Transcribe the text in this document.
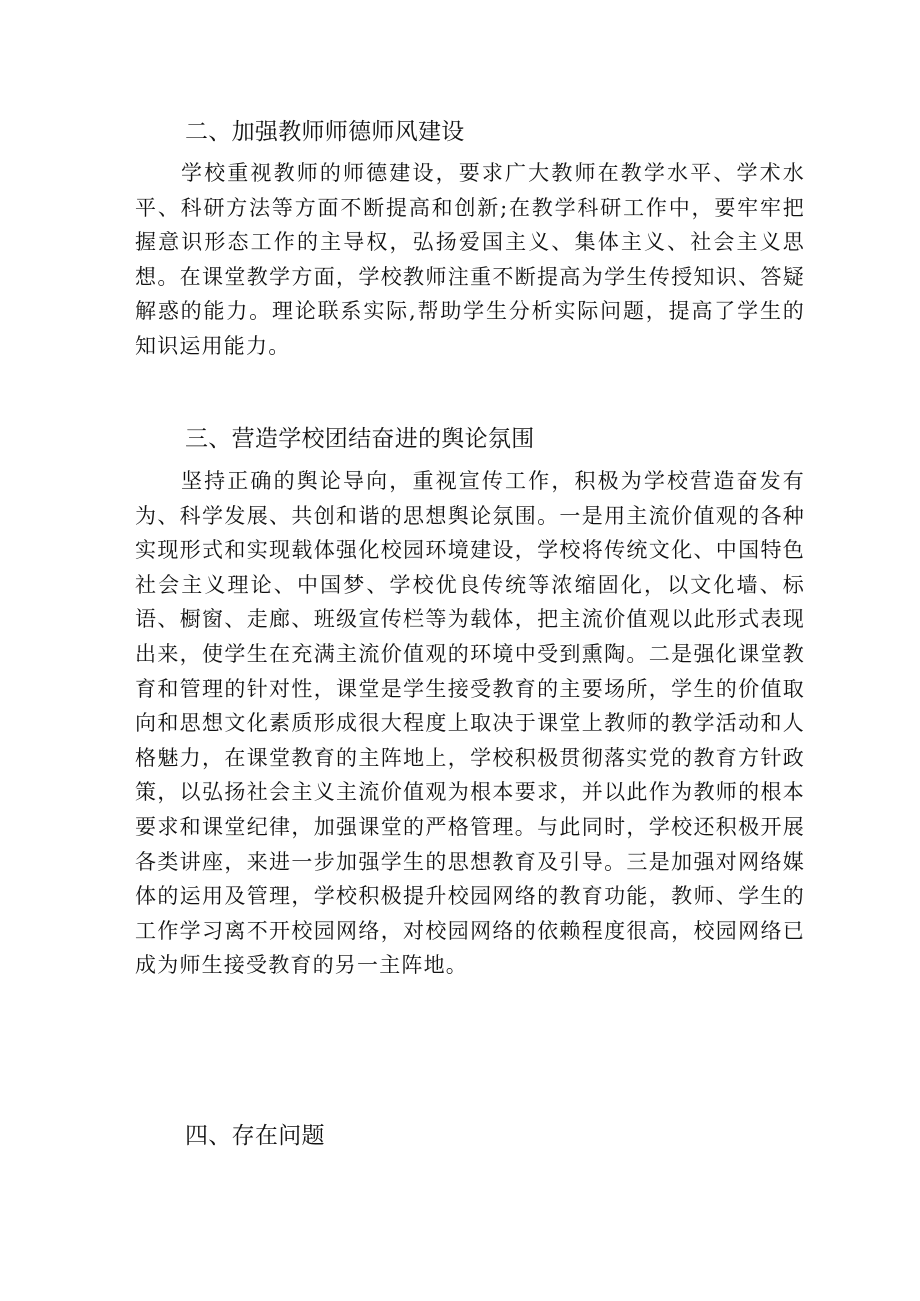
二、加强教师师德师风建设
学校重视教师的师德建设，要求广大教师在教学水平、学术水平、科研方法等方面不断提高和创新;在教学科研工作中，要牢牢把握意识形态工作的主导权，弘扬爱国主义、集体主义、社会主义思想。在课堂教学方面，学校教师注重不断提高为学生传授知识、答疑解惑的能力。理论联系实际,帮助学生分析实际问题，提高了学生的知识运用能力。
三、营造学校团结奋进的舆论氛围
坚持正确的舆论导向，重视宣传工作，积极为学校营造奋发有为、科学发展、共创和谐的思想舆论氛围。一是用主流价值观的各种实现形式和实现载体强化校园环境建设，学校将传统文化、中国特色社会主义理论、中国梦、学校优良传统等浓缩固化，以文化墙、标语、橱窗、走廊、班级宣传栏等为载体，把主流价值观以此形式表现出来，使学生在充满主流价值观的环境中受到熏陶。二是强化课堂教育和管理的针对性，课堂是学生接受教育的主要场所，学生的价值取向和思想文化素质形成很大程度上取决于课堂上教师的教学活动和人格魅力，在课堂教育的主阵地上，学校积极贯彻落实党的教育方针政策，以弘扬社会主义主流价值观为根本要求，并以此作为教师的根本要求和课堂纪律，加强课堂的严格管理。与此同时，学校还积极开展各类讲座，来进一步加强学生的思想教育及引导。三是加强对网络媒体的运用及管理，学校积极提升校园网络的教育功能，教师、学生的工作学习离不开校园网络，对校园网络的依赖程度很高，校园网络已成为师生接受教育的另一主阵地。
四、存在问题
